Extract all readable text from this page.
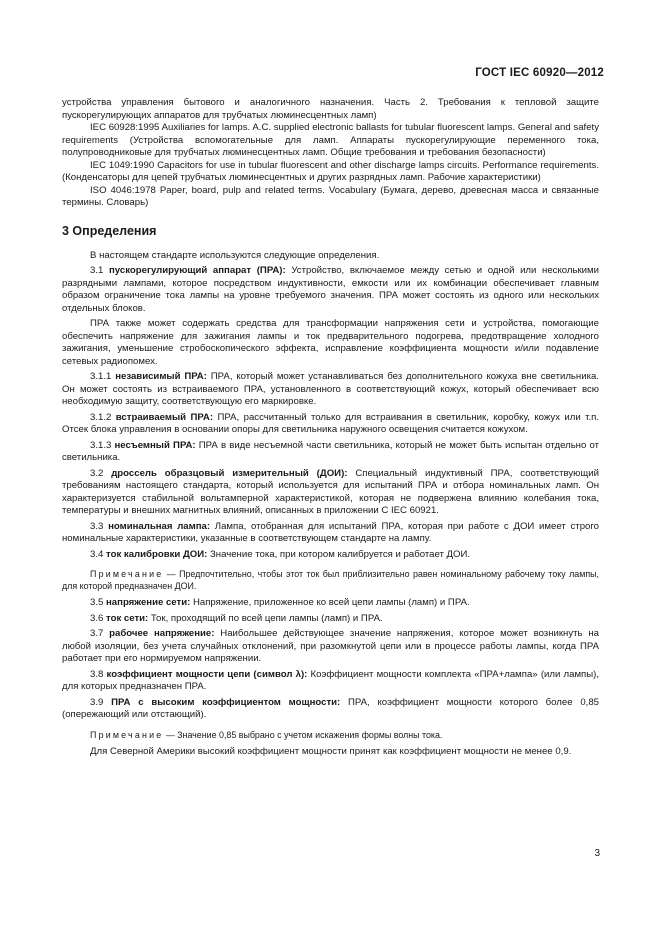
ГОСТ IEC 60920—2012

устройства управления бытового и аналогичного назначения. Часть 2. Требования к тепловой защите пускорегулирующих аппаратов для трубчатых люминесцентных ламп)

IEC 60928:1995 Auxiliaries for lamps. A.C. supplied electronic ballasts for tubular fluorescent lamps. General and safety requirements (Устройства вспомогательные для ламп. Аппараты пускорегулирующие переменного тока, полупроводниковые для трубчатых люминесцентных ламп. Общие требования и требования безопасности)

IEC 1049:1990 Capacitors for use in tubular fluorescent and other discharge lamps circuits. Performance requirements. (Конденсаторы для цепей трубчатых люминесцентных и других разрядных ламп. Рабочие характеристики)

ISO 4046:1978 Paper, board, pulp and related terms. Vocabulary (Бумага, дерево, древесная масса и связанные термины. Словарь)

3 Определения

В настоящем стандарте используются следующие определения.

3.1 пускорегулирующий аппарат (ПРА): Устройство, включаемое между сетью и одной или несколькими разрядными лампами, которое посредством индуктивности, емкости или их комбинации обеспечивает главным образом ограничение тока лампы на уровне требуемого значения. ПРА может состоять из одного или нескольких отдельных блоков.

ПРА также может содержать средства для трансформации напряжения сети и устройства, помогающие обеспечить напряжение для зажигания лампы и ток предварительного подогрева, предотвращение холодного зажигания, уменьшение стробоскопического эффекта, исправление коэффициента мощности и/или подавление сетевых радиопомех.

3.1.1 независимый ПРА: ПРА, который может устанавливаться без дополнительного кожуха вне светильника. Он может состоять из встраиваемого ПРА, установленного в соответствующий кожух, который обеспечивает всю необходимую защиту, соответствующую его маркировке.

3.1.2 встраиваемый ПРА: ПРА, рассчитанный только для встраивания в светильник, коробку, кожух или т.п. Отсек блока управления в основании опоры для светильника наружного освещения считается кожухом.

3.1.3 несъемный ПРА: ПРА в виде несъемной части светильника, который не может быть испытан отдельно от светильника.

3.2 дроссель образцовый измерительный (ДОИ): Специальный индуктивный ПРА, соответствующий требованиям настоящего стандарта, который используется для испытаний ПРА и отбора номинальных ламп. Он характеризуется стабильной вольтамперной характеристикой, которая не подвержена влиянию колебания тока, температуры и внешних магнитных влияний, описанных в приложении С IEC 60921.

3.3 номинальная лампа: Лампа, отобранная для испытаний ПРА, которая при работе с ДОИ имеет строго номинальные характеристики, указанные в соответствующем стандарте на лампу.

3.4 ток калибровки ДОИ: Значение тока, при котором калибруется и работает ДОИ.

Примечание — Предпочтительно, чтобы этот ток был приблизительно равен номинальному рабочему току лампы, для которой предназначен ДОИ.

3.5 напряжение сети: Напряжение, приложенное ко всей цепи лампы (ламп) и ПРА.

3.6 ток сети: Ток, проходящий по всей цепи лампы (ламп) и ПРА.

3.7 рабочее напряжение: Наибольшее действующее значение напряжения, которое может возникнуть на любой изоляции, без учета случайных отклонений, при разомкнутой цепи или в процессе работы лампы, когда ПРА работает при его нормируемом напряжении.

3.8 коэффициент мощности цепи (символ λ): Коэффициент мощности комплекта «ПРА+лампа» (или лампы), для которых предназначен ПРА.

3.9 ПРА с высоким коэффициентом мощности: ПРА, коэффициент мощности которого более 0,85 (опережающий или отстающий).

Примечание — Значение 0,85 выбрано с учетом искажения формы волны тока.

Для Северной Америки высокий коэффициент мощности принят как коэффициент мощности не менее 0,9.

3
